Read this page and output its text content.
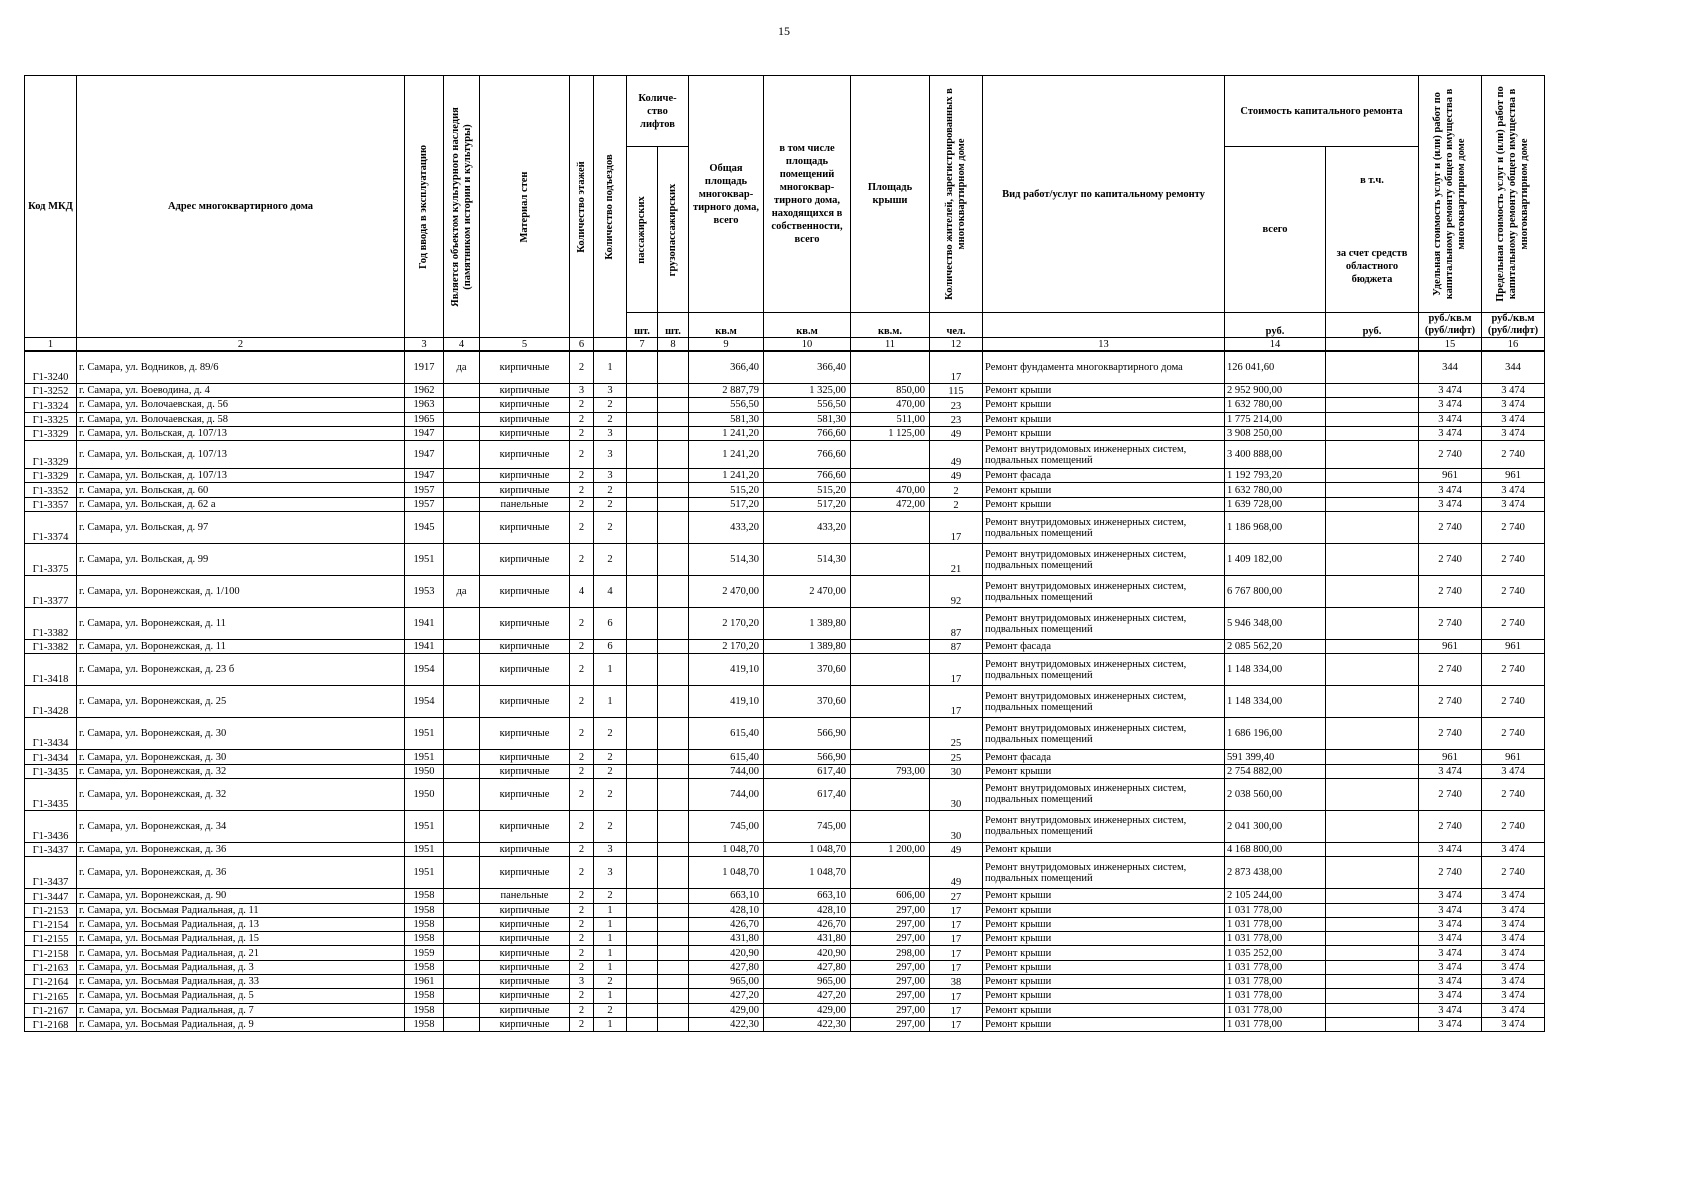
15
Код МКД	Адрес многоквартирного дома	Год ввода в эксплуатацию	Является объектом культурного наследия (памятником истории и культуры)	Материал стен	Количество этажей	Количество подъездов	Количе-ство лифтов		Общая площадь многоквар-тирного дома, всего	в том числе площадь помещений многоквар-тирного дома, находящихся в собственности, всего	Площадь крыши	Количество жителей, зарегистрированных в многоквартирном доме	Вид работ/услуг по капитальному ремонту	Стоимость капитального ремонта		Удельная стоимость услуг и (или) работ по капитальному ремонту общего имущества в многоквартирном доме	Предельная стоимость услуг и (или) работ по капитальному ремонту общего имущества в многоквартирном доме

							пассажирских	грузопассажирских						всего	в т.ч.
за счет средств областного бюджета		

							шт.	шт.	кв.м	кв.м	кв.м.	чел.		руб.	руб.	руб./кв.м (руб/лифт)	руб./кв.м (руб/лифт)
1	2	3	4	5	6		7	8	9	10	11	12	13	14		15	16
Г1-3240	г. Самара, ул. Водников, д. 89/6	1917	да	кирпичные	2	1			366,40	366,40		17	Ремонт фундамента многоквартирного дома	126 041,60		344	344
Г1-3252	г. Самара, ул. Воеводина, д. 4	1962		кирпичные	3	3			2 887,79	1 325,00	850,00	115	Ремонт крыши	2 952 900,00		3 474	3 474
Г1-3324	г. Самара, ул. Волочаевская, д. 56	1963		кирпичные	2	2			556,50	556,50	470,00	23	Ремонт крыши	1 632 780,00		3 474	3 474
Г1-3325	г. Самара, ул. Волочаевская, д. 58	1965		кирпичные	2	2			581,30	581,30	511,00	23	Ремонт крыши	1 775 214,00		3 474	3 474
Г1-3329	г. Самара, ул. Вольская, д. 107/13	1947		кирпичные	2	3			1 241,20	766,60	1 125,00	49	Ремонт крыши	3 908 250,00		3 474	3 474
Г1-3329	г. Самара, ул. Вольская, д. 107/13	1947		кирпичные	2	3			1 241,20	766,60		49	Ремонт внутридомовых инженерных систем, подвальных помещений	3 400 888,00		2 740	2 740
Г1-3329	г. Самара, ул. Вольская, д. 107/13	1947		кирпичные	2	3			1 241,20	766,60		49	Ремонт фасада	1 192 793,20		961	961
Г1-3352	г. Самара, ул. Вольская, д. 60	1957		кирпичные	2	2			515,20	515,20	470,00	2	Ремонт крыши	1 632 780,00		3 474	3 474
Г1-3357	г. Самара, ул. Вольская, д. 62 а	1957		панельные	2	2			517,20	517,20	472,00	2	Ремонт крыши	1 639 728,00		3 474	3 474
Г1-3374	г. Самара, ул. Вольская, д. 97	1945		кирпичные	2	2			433,20	433,20		17	Ремонт внутридомовых инженерных систем, подвальных помещений	1 186 968,00		2 740	2 740
Г1-3375	г. Самара, ул. Вольская, д. 99	1951		кирпичные	2	2			514,30	514,30		21	Ремонт внутридомовых инженерных систем, подвальных помещений	1 409 182,00		2 740	2 740
Г1-3377	г. Самара, ул. Воронежская, д. 1/100	1953	да	кирпичные	4	4			2 470,00	2 470,00		92	Ремонт внутридомовых инженерных систем, подвальных помещений	6 767 800,00		2 740	2 740
Г1-3382	г. Самара, ул. Воронежская, д. 11	1941		кирпичные	2	6			2 170,20	1 389,80		87	Ремонт внутридомовых инженерных систем, подвальных помещений	5 946 348,00		2 740	2 740
Г1-3382	г. Самара, ул. Воронежская, д. 11	1941		кирпичные	2	6			2 170,20	1 389,80		87	Ремонт фасада	2 085 562,20		961	961
Г1-3418	г. Самара, ул. Воронежская, д. 23 б	1954		кирпичные	2	1			419,10	370,60		17	Ремонт внутридомовых инженерных систем, подвальных помещений	1 148 334,00		2 740	2 740
Г1-3428	г. Самара, ул. Воронежская, д. 25	1954		кирпичные	2	1			419,10	370,60		17	Ремонт внутридомовых инженерных систем, подвальных помещений	1 148 334,00		2 740	2 740
Г1-3434	г. Самара, ул. Воронежская, д. 30	1951		кирпичные	2	2			615,40	566,90		25	Ремонт внутридомовых инженерных систем, подвальных помещений	1 686 196,00		2 740	2 740
Г1-3434	г. Самара, ул. Воронежская, д. 30	1951		кирпичные	2	2			615,40	566,90		25	Ремонт фасада	591 399,40		961	961
Г1-3435	г. Самара, ул. Воронежская, д. 32	1950		кирпичные	2	2			744,00	617,40	793,00	30	Ремонт крыши	2 754 882,00		3 474	3 474
Г1-3435	г. Самара, ул. Воронежская, д. 32	1950		кирпичные	2	2			744,00	617,40		30	Ремонт внутридомовых инженерных систем, подвальных помещений	2 038 560,00		2 740	2 740
Г1-3436	г. Самара, ул. Воронежская, д. 34	1951		кирпичные	2	2			745,00	745,00		30	Ремонт внутридомовых инженерных систем, подвальных помещений	2 041 300,00		2 740	2 740
Г1-3437	г. Самара, ул. Воронежская, д. 36	1951		кирпичные	2	3			1 048,70	1 048,70	1 200,00	49	Ремонт крыши	4 168 800,00		3 474	3 474
Г1-3437	г. Самара, ул. Воронежская, д. 36	1951		кирпичные	2	3			1 048,70	1 048,70		49	Ремонт внутридомовых инженерных систем, подвальных помещений	2 873 438,00		2 740	2 740
Г1-3447	г. Самара, ул. Воронежская, д. 90	1958		панельные	2	2			663,10	663,10	606,00	27	Ремонт крыши	2 105 244,00		3 474	3 474
Г1-2153	г. Самара, ул. Восьмая Радиальная, д. 11	1958		кирпичные	2	1			428,10	428,10	297,00	17	Ремонт крыши	1 031 778,00		3 474	3 474
Г1-2154	г. Самара, ул. Восьмая Радиальная, д. 13	1958		кирпичные	2	1			426,70	426,70	297,00	17	Ремонт крыши	1 031 778,00		3 474	3 474
Г1-2155	г. Самара, ул. Восьмая Радиальная, д. 15	1958		кирпичные	2	1			431,80	431,80	297,00	17	Ремонт крыши	1 031 778,00		3 474	3 474
Г1-2158	г. Самара, ул. Восьмая Радиальная, д. 21	1959		кирпичные	2	1			420,90	420,90	298,00	17	Ремонт крыши	1 035 252,00		3 474	3 474
Г1-2163	г. Самара, ул. Восьмая Радиальная, д. 3	1958		кирпичные	2	1			427,80	427,80	297,00	17	Ремонт крыши	1 031 778,00		3 474	3 474
Г1-2164	г. Самара, ул. Восьмая Радиальная, д. 33	1961		кирпичные	3	2			965,00	965,00	297,00	38	Ремонт крыши	1 031 778,00		3 474	3 474
Г1-2165	г. Самара, ул. Восьмая Радиальная, д. 5	1958		кирпичные	2	1			427,20	427,20	297,00	17	Ремонт крыши	1 031 778,00		3 474	3 474
Г1-2167	г. Самара, ул. Восьмая Радиальная, д. 7	1958		кирпичные	2	2			429,00	429,00	297,00	17	Ремонт крыши	1 031 778,00		3 474	3 474
Г1-2168	г. Самара, ул. Восьмая Радиальная, д. 9	1958		кирпичные	2	1			422,30	422,30	297,00	17	Ремонт крыши	1 031 778,00		3 474	3 474
